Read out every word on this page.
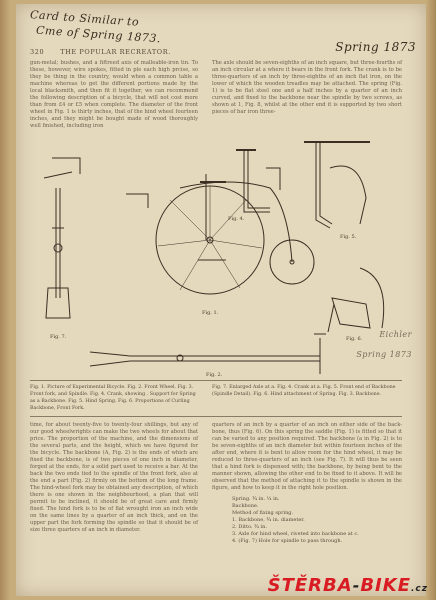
Card to Similar to
Cme of Spring 1873.
Spring 1873
320 THE POPULAR RECREATOR.
gun-metal; bushes, and a fiftreed axis of malleable-iron tin. To these, however, wire spokes, fitted in ple each high prcise, so they be thing in the country, would when a common table a machine whereas to get the different portions made by the local blacksmith, and then fit it together, we can recommend the following description of a bicycle, that will not cost more than from £4 or £5 when complete. The diameter of the front wheel in Fig. 1 is thirty inches, that of the hind wheel fourteen inches, and they might be bought made of wood thoroughly well finished, including iron
The axle should be seven-eighths of an inch square, but three-fourths of an inch circular at a where it bears in the front fork. The crank is to be three-quarters of an inch by three-eighths of an inch flat iron, on the lower of which the wooden treadles may be attached. The spring (Fig. 1) is to be flat steel one and a half inches by a quarter of an inch curved, and fixed to the backbone near the spindle by two screws, as shown at 1, Fig. 8, whilst at the other end it is supported by two short pieces of bar iron three-
Fig. 4.
Fig. 5.
Fig. 6.
Fig. 1.
Fig. 7.
Fig. 2.
Eichler
Spring 1873
Fig. 1. Picture of Experimental Bicycle. Fig. 2. Front Wheel. Fig. 3. Front fork, and Spindle. Fig. 4. Crank, showing . Support for Spring as a Backbone. Fig. 5. Hind Spring. Fig. 6. Proportions of Curling Backbone, Front Fork.
Fig. 7. Enlarged Axle at a. Fig. 4. Crank at a. Fig. 5. Front end of Backbone (Spindle Detail). Fig. 6. Hind attachment of Spring. Fig. 3. Backbone.
time, for about twenty-five to twenty-four shillings, but any of our good wheelwrights can make the two wheels for about that price. The proportion of the machine, and the dimensions of the several parts, and the height, which we have figured for the bicycle. The backbone (A, Fig. 2) is the ends of which are fixed the backbone, is of two pieces of one inch in diameter, forged at the ends, for a solid part used to receive a bar. At the back the two ends tied to the spindle of the front fork, also at the end a part (Fig. 2) firmly on the bottom of the long frame. The hind-wheel fork may be obtained any description, of which there is one shown in the neighbourhood, a plan that will permit to be inclined, it should be of great care and firmly fixed. The hind fork is to be of flat wrought iron an inch wide on the same lines by a quarter of an inch thick, and on the upper part the fork forming the spindle so that it should be of size three quarters of an inch in diameter.
quarters of an inch by a quarter of an inch on either side of the back-bone, thus (Fig. 6). On this spring the saddle (Fig. 1) is fitted so that it can be varied to any position required. The backbone (a in Fig. 2) is to be seven-eighths of an inch diameter but within fourteen inches of the after end, where it is bent to allow room for the hind wheel, it may be reduced to three-quarters of an inch (see Fig. 7). It will thus be seen that a hind fork is dispensed with; the backbone, by being bent to the manner shown, allowing the other end to be fixed to it above. It will be observed that the method of attaching it to the spindle is shown in the figure, and how to keep it in the right hole position.
ŠTĚRBA-BIKE.cz
Spring. ¾ in. ¼ in.
Backbone.
Method of fixing spring.
1. Backbone, ¾ in. diameter.
2. Ditto. ¾ in.
3. Axle for hind wheel, riveted into backbone at c.
4. (Fig. 7) Hole for spindle to pass through.
